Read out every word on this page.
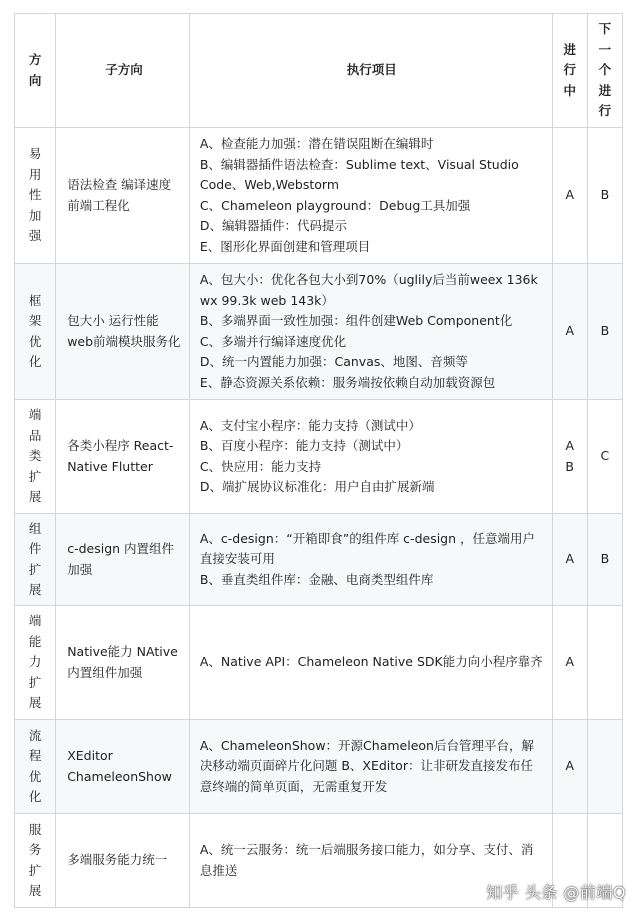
方向	子方向	执行项目	进行中	下一个进行
易用性加强	语法检查 编译速度 前端工程化	A、检查能力加强：潜在错误阻断在编辑时
B、编辑器插件语法检查：Sublime text、Visual Studio Code、Web,Webstorm
C、Chameleon playground：Debug工具加强
D、编辑器插件：代码提示
E、图形化界面创建和管理项目	A	B
框架优化	包大小 运行性能 web前端模块服务化	A、包大小：优化各包大小到70%（uglily后当前weex 136k wx 99.3k web 143k）
B、多端界面一致性加强：组件创建Web Component化
C、多端并行编译速度优化
D、统一内置能力加强：Canvas、地图、音频等
E、静态资源关系依赖：服务端按依赖自动加载资源包	A	B
端品类扩展	各类小程序 React-Native Flutter	A、支付宝小程序：能力支持（测试中）
B、百度小程序：能力支持（测试中）
C、快应用：能力支持
D、端扩展协议标准化：用户自由扩展新端	A B	C
组件扩展	c-design 内置组件加强	A、c-design：“开箱即食”的组件库 c-design ，任意端用户直接安装可用
B、垂直类组件库：金融、电商类型组件库	A	B
端能力扩展	Native能力 NAtive 内置组件加强	A、Native API：Chameleon Native SDK能力向小程序靠齐	A	
流程优化	XEditor ChameleonShow	A、ChameleonShow：开源Chameleon后台管理平台，解决移动端页面碎片化问题 B、XEditor：让非研发直接发布任意终端的简单页面，无需重复开发	A	
服务扩展	多端服务能力统一	A、统一云服务：统一后端服务接口能力，如分享、支付、消息推送		

知乎 头条 @前端Q
